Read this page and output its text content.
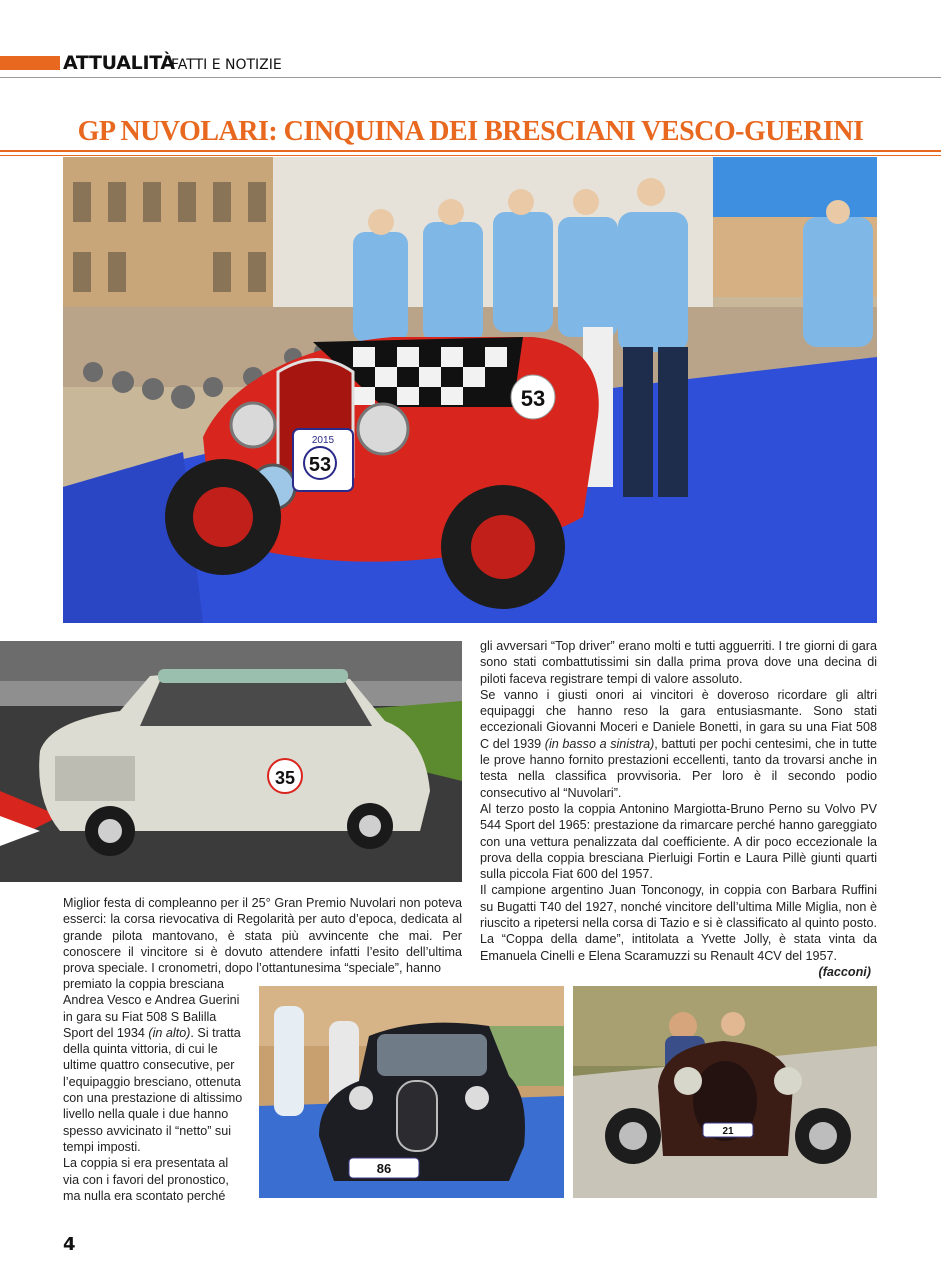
ATTUALITÀ
FATTI E NOTIZIE
GP NUVOLARI: CINQUINA DEI BRESCIANI VESCO-GUERINI
53
2015
53
35

gli avversari “Top driver” erano molti e tutti agguerriti. I tre giorni di gara sono stati combattutissimi sin dalla prima prova dove una decina di piloti faceva registrare tempi di valore assoluto.

Se vanno i giusti onori ai vincitori è doveroso ricordare gli altri equipaggi che hanno reso la gara entusiasmante. Sono stati eccezionali Giovanni Moceri e Daniele Bonetti, in gara su una Fiat 508 C del 1939 (in basso a sinistra), battuti per pochi centesimi, che in tutte le prove hanno fornito prestazioni eccellenti, tanto da trovarsi anche in testa nella classifica provvisoria. Per loro è il secondo podio consecutivo al “Nuvolari”.

Al terzo posto la coppia Antonino Margiotta-Bruno Perno su Volvo PV 544 Sport del 1965: prestazione da rimarcare perché hanno gareggiato con una vettura penalizzata dal coefficiente. A dir poco eccezionale la prova della coppia bresciana Pierluigi Fortin e Laura Pillè giunti quarti sulla piccola Fiat 600 del 1957.

Il campione argentino Juan Tonconogy, in coppia con Barbara Ruffini su Bugatti T40 del 1927, nonché vincitore dell’ultima Mille Miglia, non è riuscito a ripetersi nella corsa di Tazio e si è classificato al quinto posto. La “Coppa della dame”, intitolata a Yvette Jolly, è stata vinta da Emanuela Cinelli e Elena Scaramuzzi su Renault 4CV del 1957.

(facconi)

Miglior festa di compleanno per il 25° Gran Premio Nuvolari non poteva esserci: la corsa rievocativa di Regolarità per auto d’epoca, dedicata al grande pilota mantovano, è stata più avvincente che mai. Per conoscere il vincitore si è dovuto attendere infatti l’esito dell’ultima prova speciale. I cronometri, dopo l’ottantunesima “speciale”, hanno

premiato la coppia bresciana Andrea Vesco e Andrea Guerini in gara su Fiat 508 S Balilla Sport del 1934 (in alto). Si tratta della quinta vittoria, di cui le ultime quattro consecutive, per l’equipaggio bresciano, ottenuta con una prestazione di altissimo livello nella quale i due hanno spesso avvicinato il “netto” sui tempi imposti.

La coppia si era presentata al via con i favori del pronostico, ma nulla era scontato perché

86
21
4
